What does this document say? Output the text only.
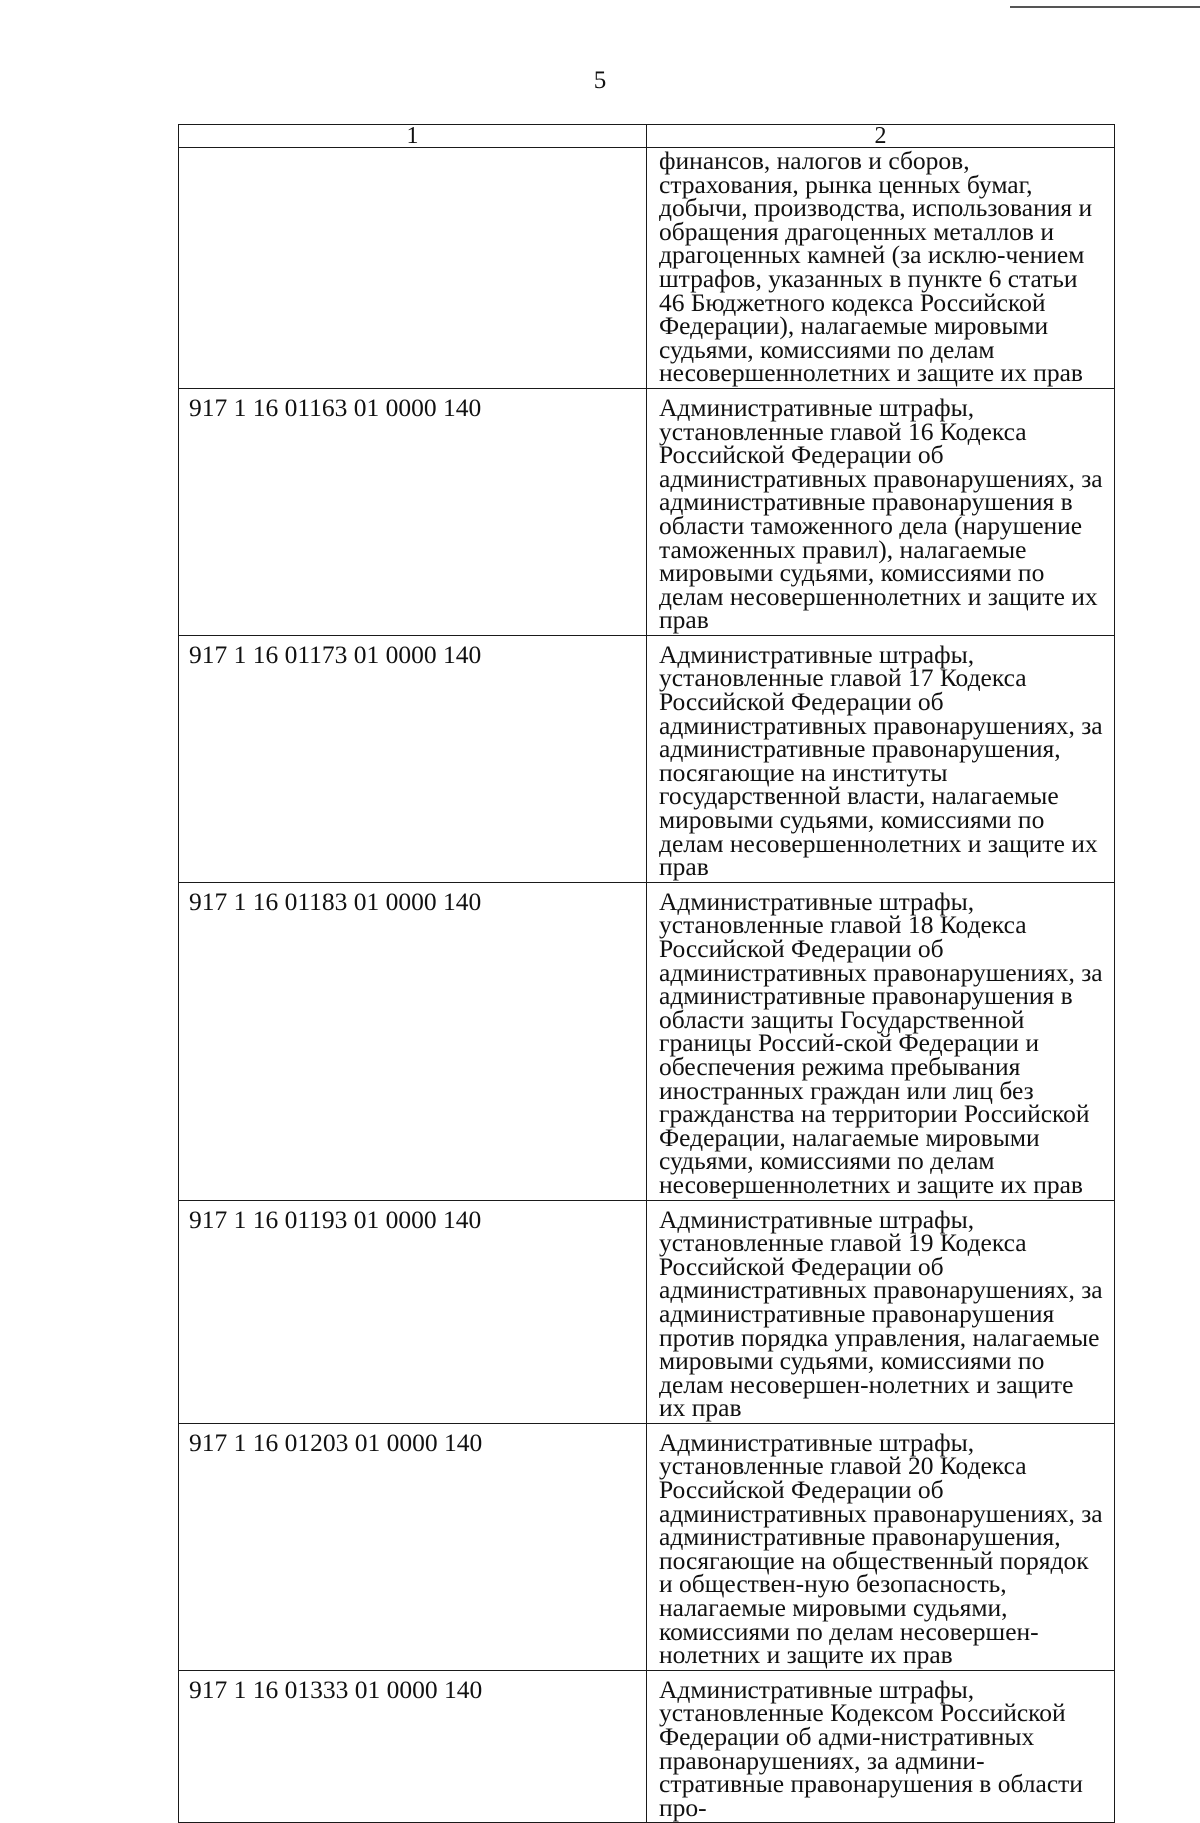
5
1	2
	финансов, налогов и сборов, страхования, рынка ценных бумаг, добычи, производства, использования и обращения драгоценных металлов и драгоценных камней (за исклю-чением штрафов, указанных в пункте 6 статьи 46 Бюджетного кодекса Российской Федерации), налагаемые мировыми судьями, комиссиями по делам несовершеннолетних и защите их прав
917 1 16 01163 01 0000 140	Административные штрафы, установленные главой 16 Кодекса Российской Федерации об административных правонарушениях, за административные правонарушения в области таможенного дела (нарушение таможенных правил), налагаемые мировыми судьями, комиссиями по делам несовершеннолетних и защите их прав
917 1 16 01173 01 0000 140	Административные штрафы, установленные главой 17 Кодекса Российской Федерации об административных правонарушениях, за административные правонарушения, посягающие на институты государственной власти, налагаемые мировыми судьями, комиссиями по делам несовершеннолетних и защите их прав
917 1 16 01183 01 0000 140	Административные штрафы, установленные главой 18 Кодекса Российской Федерации об административных правонарушениях, за административные правонарушения в области защиты Государственной границы Россий-ской Федерации и обеспечения режима пребывания иностранных граждан или лиц без гражданства на территории Российской Федерации, налагаемые мировыми судьями, комиссиями по делам несовершеннолетних и защите их прав
917 1 16 01193 01 0000 140	Административные штрафы, установленные главой 19 Кодекса Российской Федерации об административных правонарушениях, за административные правонарушения против порядка управления, налагаемые мировыми судьями, комиссиями по делам несовершен-нолетних и защите их прав
917 1 16 01203 01 0000 140	Административные штрафы, установленные главой 20 Кодекса Российской Федерации об административных правонарушениях, за административные правонарушения, посягающие на общественный порядок и обществен-ную безопасность, налагаемые мировыми судьями, комиссиями по делам несовершен-нолетних и защите их прав
917 1 16 01333 01 0000 140	Административные штрафы, установленные Кодексом Российской Федерации об адми-нистративных правонарушениях, за админи-стративные правонарушения в области про-
